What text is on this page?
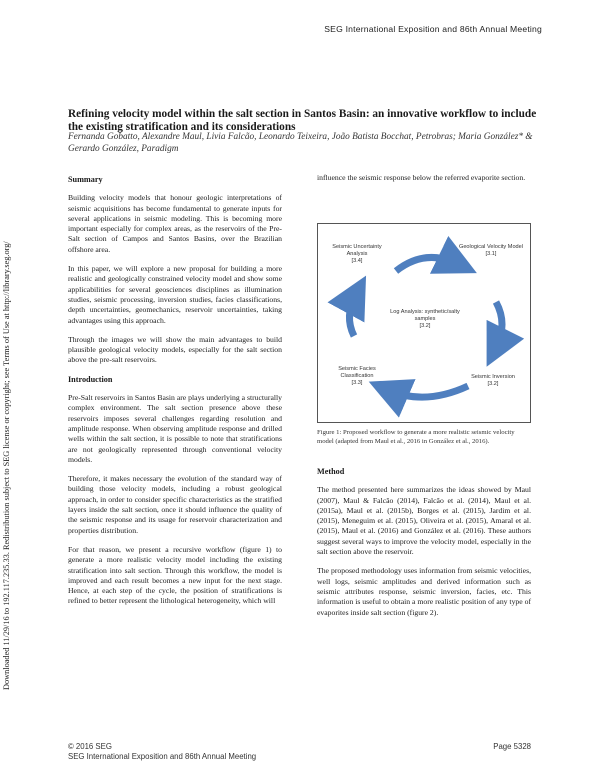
SEG International Exposition and 86th Annual Meeting
Downloaded 11/29/16 to 192.117.235.33. Redistribution subject to SEG license or copyright; see Terms of Use at http://library.seg.org/
Refining velocity model within the salt section in Santos Basin: an innovative workflow to include the existing stratification and its considerations
Fernanda Gobatto, Alexandre Maul, Livia Falcão, Leonardo Teixeira, João Batista Bocchat, Petrobras; Maria González* & Gerardo González, Paradigm
Summary

Building velocity models that honour geologic interpretations of seismic acquisitions has become fundamental to generate inputs for several applications in seismic modeling. This is becoming more important especially for complex areas, as the reservoirs of the Pre-Salt section of Campos and Santos Basins, over the Brazilian offshore area.

In this paper, we will explore a new proposal for building a more realistic and geologically constrained velocity model and show some applicabilities for several geosciences disciplines as illumination studies, seismic processing, inversion studies, facies classifications, depth uncertainties, geomechanics, reservoir uncertainties, taking advantages using this approach.

Through the images we will show the main advantages to build plausible geological velocity models, especially for the salt section above the pre-salt reservoirs.

Introduction

Pre-Salt reservoirs in Santos Basin are plays underlying a structurally complex environment. The salt section presence above these reservoirs imposes several challenges regarding resolution and amplitude response. When observing amplitude response and drilled wells within the salt section, it is possible to note that stratifications are not geologically represented through conventional velocity models.

Therefore, it makes necessary the evolution of the standard way of building those velocity models, including a robust geological approach, in order to consider specific characteristics as the stratified layers inside the salt section, once it should influence the quality of the seismic response and its usage for reservoir characterization and properties distribution.

For that reason, we present a recursive workflow (figure 1) to generate a more realistic velocity model including the existing stratification into salt section. Through this workflow, the model is improved and each result becomes a new input for the next stage. Hence, at each step of the cycle, the position of stratifications is refined to better represent the lithological heterogeneity, which will

influence the seismic response below the referred evaporite section.

Seismic Uncertainty Analysis
[3.4]
Geological Velocity Model
[3.1]
Log Analysis: synthetic/salty samples
[3.2]
Seismic Facies Classification
[3.3]
Seismic Inversion
[3.2]
Figure 1: Proposed workflow to generate a more realistic seismic velocity model (adapted from Maul et al., 2016 in González et al., 2016).
Method

The method presented here summarizes the ideas showed by Maul (2007), Maul & Falcão (2014), Falcão et al. (2014), Maul et al. (2015a), Maul et al. (2015b), Borges et al. (2015), Jardim et al. (2015), Meneguim et al. (2015), Oliveira et al. (2015), Amaral et al. (2015), Maul et al. (2016) and González et al. (2016). These authors suggest several ways to improve the velocity model, especially in the salt section above the reservoir.

The proposed methodology uses information from seismic velocities, well logs, seismic amplitudes and derived information such as seismic attributes response, seismic inversion, facies, etc. This information is useful to obtain a more realistic position of any type of evaporites inside salt section (figure 2).

© 2016 SEG
SEG International Exposition and 86th Annual Meeting
Page 5328
